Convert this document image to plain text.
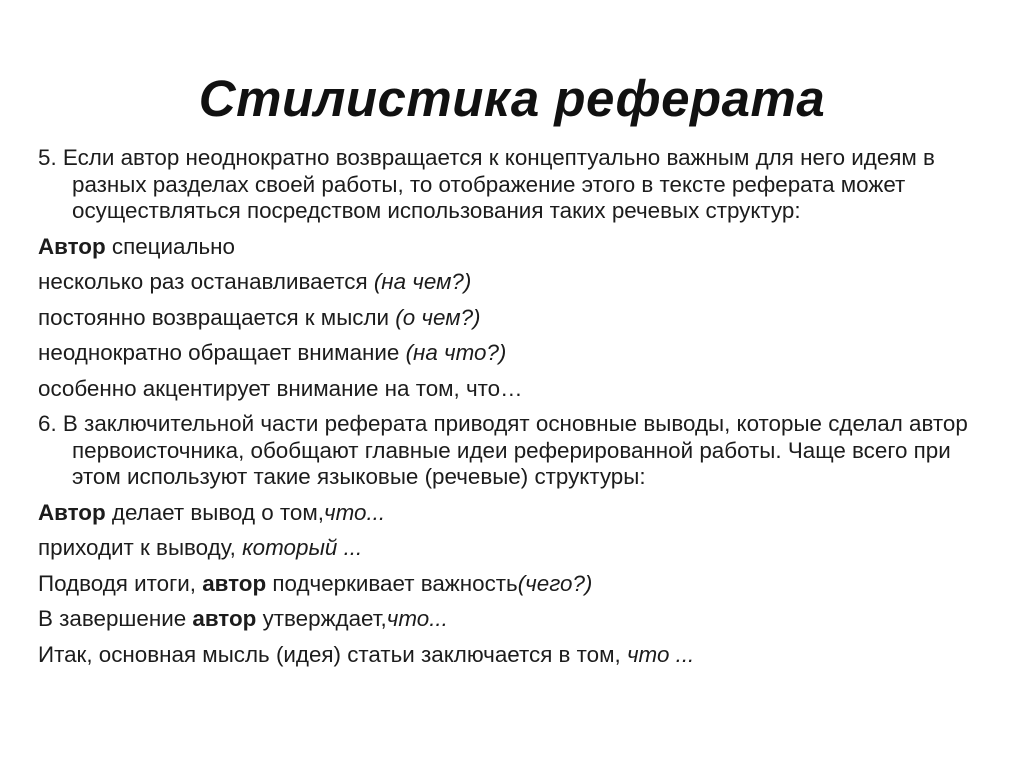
Стилистика реферата

5. Если автор неоднократно возвращается к концептуально важным для него идеям в разных разделах своей работы, то отображение этого в тексте реферата может осуществляться посредством использования таких речевых структур:

Автор специально
несколько раз останавливается (на чем?)
постоянно возвращается к мысли (о чем?)
неоднократно обращает внимание (на что?)
особенно акцентирует внимание на том, что…

6. В заключительной части реферата приводят основные выводы, которые сделал автор первоисточника, обобщают главные идеи реферированной работы. Чаще всего при этом используют такие языковые (речевые) структуры:

Автор делает вывод о том,что...
приходит к выводу, который ...
Подводя итоги, автор подчеркивает важность(чего?)
В завершение автор утверждает,что...
Итак, основная мысль (идея) статьи заключается в том, что ...
